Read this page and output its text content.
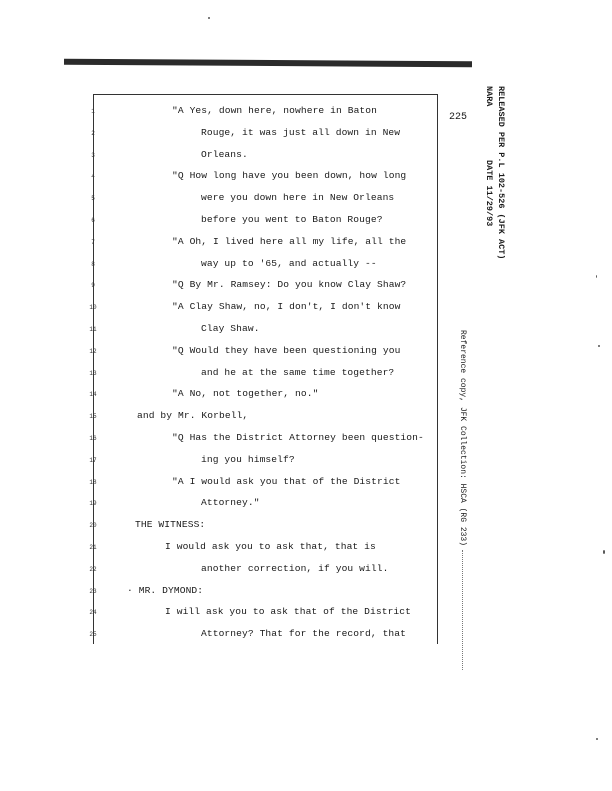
225
1	"A Yes, down here, nowhere in Baton
2	Rouge, it was just all down in New
3	Orleans.
4	"Q How long have you been down, how long
5	were you down here in New Orleans
6	before you went to Baton Rouge?
7	"A Oh, I lived here all my life, all the
8	way up to '65, and actually --
9	"Q By Mr. Ramsey: Do you know Clay Shaw?
10	"A Clay Shaw, no, I don't, I don't know
11	Clay Shaw.
12	"Q Would they have been questioning you
13	and he at the same time together?
14	"A No, not together, no."
15	and by Mr. Korbell,
16	"Q Has the District Attorney been question-
17	ing you himself?
18	"A I would ask you that of the District
19	Attorney."
20	THE WITNESS:
21	I would ask you to ask that, that is
22	another correction, if you will.
23	· MR. DYMOND:
24	I will ask you to ask that of the District
25	Attorney? That for the record, that
RELEASED PER P.L 102-526 (JFK ACT)
NARA
DATE 11/29/93
Reference copy, JFK Collection: HSCA (RG 233)
